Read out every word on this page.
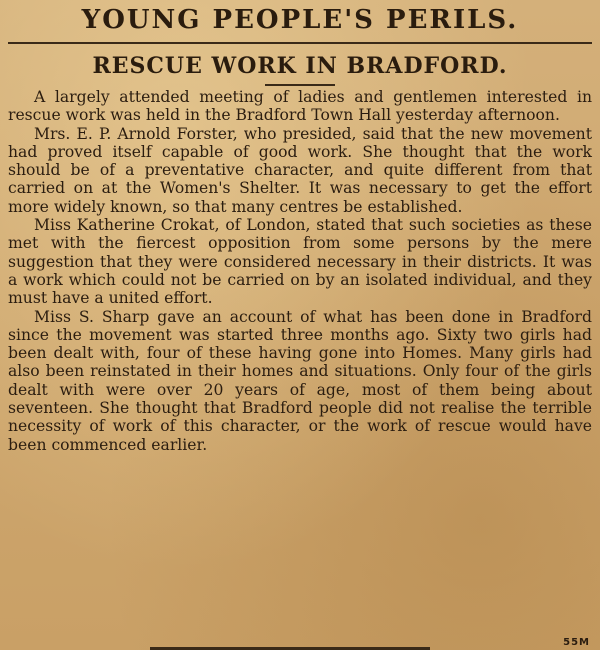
YOUNG PEOPLE'S PERILS.
RESCUE WORK IN BRADFORD.

A largely attended meeting of ladies and gentlemen interested in rescue work was held in the Bradford Town Hall yesterday afternoon.

Mrs. E. P. Arnold Forster, who presided, said that the new movement had proved itself capable of good work. She thought that the work should be of a preventative character, and quite different from that carried on at the Women's Shelter. It was necessary to get the effort more widely known, so that many centres be established.

Miss Katherine Crokat, of London, stated that such societies as these met with the fiercest opposition from some persons by the mere suggestion that they were considered necessary in their districts. It was a work which could not be carried on by an isolated individual, and they must have a united effort.

Miss S. Sharp gave an account of what has been done in Bradford since the movement was started three months ago. Sixty two girls had been dealt with, four of these having gone into Homes. Many girls had also been reinstated in their homes and situations. Only four of the girls dealt with were over 20 years of age, most of them being about seventeen. She thought that Bradford people did not realise the terrible necessity of work of this character, or the work of rescue would have been commenced earlier.

55M
